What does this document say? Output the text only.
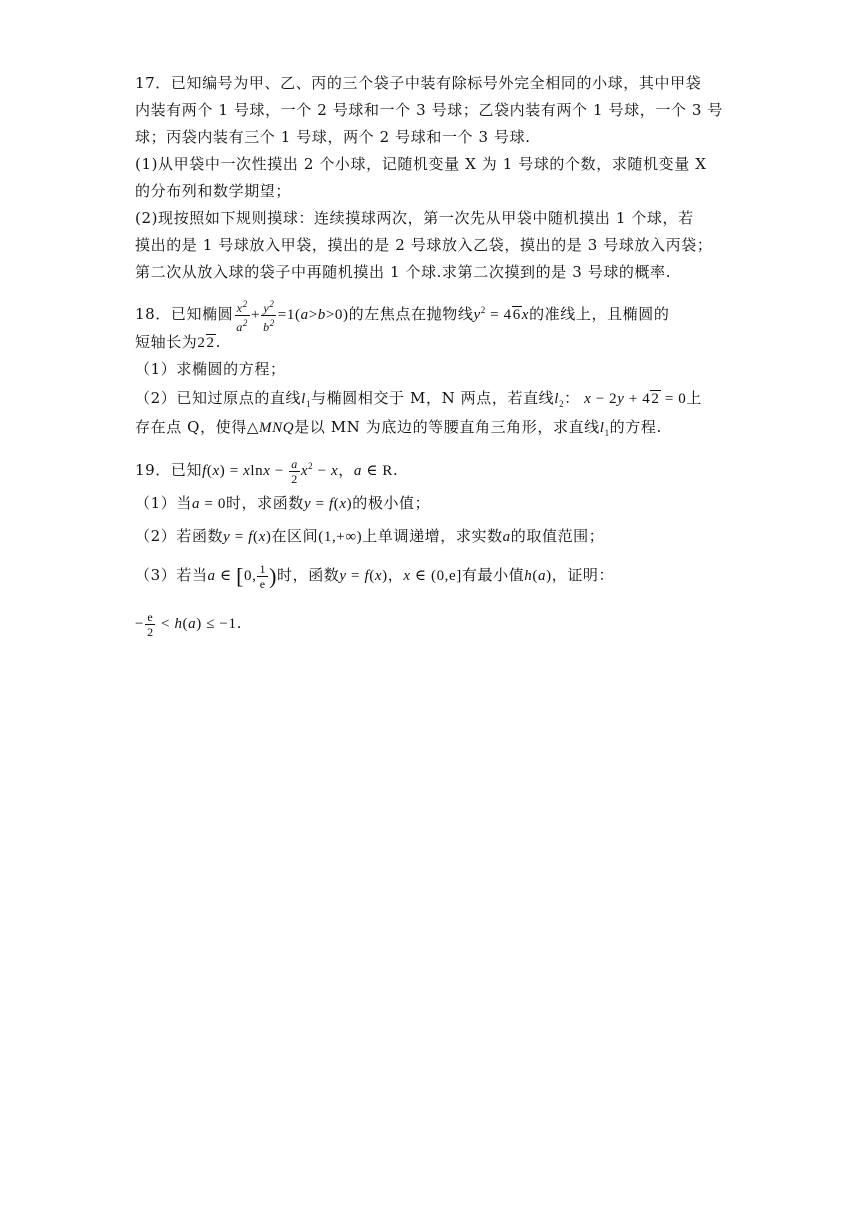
17．已知编号为甲、乙、丙的三个袋子中装有除标号外完全相同的小球，其中甲袋
内装有两个 1 号球，一个 2 号球和一个 3 号球；乙袋内装有两个 1 号球，一个 3 号
球；丙袋内装有三个 1 号球，两个 2 号球和一个 3 号球.
(1)从甲袋中一次性摸出 2 个小球，记随机变量 X 为 1 号球的个数，求随机变量 X
的分布列和数学期望；
(2)现按照如下规则摸球：连续摸球两次，第一次先从甲袋中随机摸出 1 个球，若
摸出的是 1 号球放入甲袋，摸出的是 2 号球放入乙袋，摸出的是 3 号球放入丙袋；
第二次从放入球的袋子中再随机摸出 1 个球.求第二次摸到的是 3 号球的概率.
18．已知椭圆 $\frac{x^2}{a^2} + \frac{y^2}{b^2} =1(a>b>0)$的左焦点在抛物线$y^2 = 46x$的准线上，且椭圆的
短轴长为22.
（1）求椭圆的方程；
（2）已知过原点的直线$l_1$与椭圆相交于 M，N 两点，若直线$l_2$： x − 2y + 42 = 0上
存在点 Q，使得△MNQ是以 MN 为底边的等腰直角三角形，求直线$l_1$的方程.
19．已知$f(x) = xlnx - \frac{a}{2} x^2 - x$，a ∈ R.
（1）当a = 0时，求函数y = f(x)的极小值；
（2）若函数y = f(x)在区间(1,+∞)上单调递增，求实数a的取值范围；
（3）若当a ∈ [0, $\frac{1}{e}$ )时，函数y = f(x)，x ∈ (0,e]有最小值h(a)，证明：
− $\frac{e}{2} < h(a) \le -1$.
